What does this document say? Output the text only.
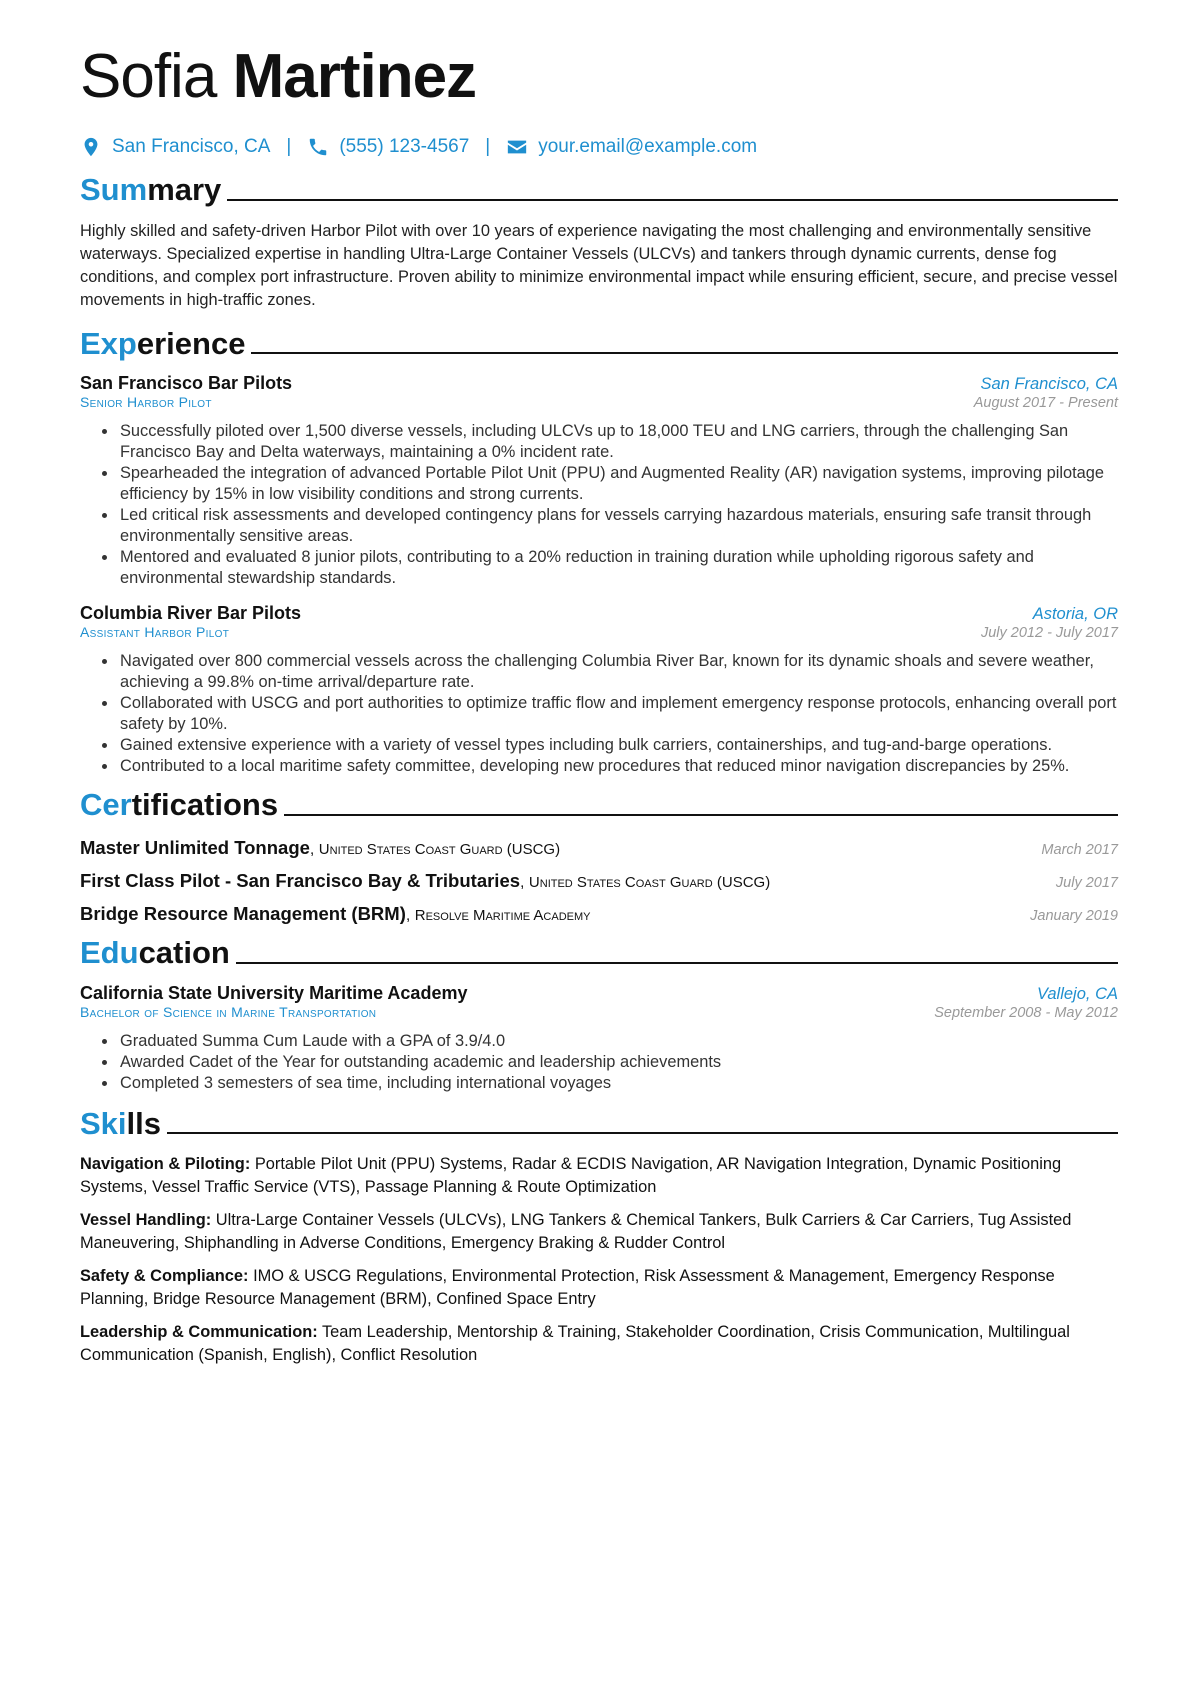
Sofia Martinez
San Francisco, CA |	(555) 123-4567 |	your.email@example.com
Summary
Highly skilled and safety-driven Harbor Pilot with over 10 years of experience navigating the most challenging and environmentally sensitive waterways. Specialized expertise in handling Ultra-Large Container Vessels (ULCVs) and tankers through dynamic currents, dense fog conditions, and complex port infrastructure. Proven ability to minimize environmental impact while ensuring efficient, secure, and precise vessel movements in high-traffic zones.
Experience
San Francisco Bar Pilots	San Francisco, CA
Senior Harbor Pilot	August 2017 - Present
• Successfully piloted over 1,500 diverse vessels, including ULCVs up to 18,000 TEU and LNG carriers, through the challenging San Francisco Bay and Delta waterways, maintaining a 0% incident rate.
• Spearheaded the integration of advanced Portable Pilot Unit (PPU) and Augmented Reality (AR) navigation systems, improving pilotage efficiency by 15% in low visibility conditions and strong currents.
• Led critical risk assessments and developed contingency plans for vessels carrying hazardous materials, ensuring safe transit through environmentally sensitive areas.
• Mentored and evaluated 8 junior pilots, contributing to a 20% reduction in training duration while upholding rigorous safety and environmental stewardship standards.
Columbia River Bar Pilots	Astoria, OR
Assistant Harbor Pilot	July 2012 - July 2017
• Navigated over 800 commercial vessels across the challenging Columbia River Bar, known for its dynamic shoals and severe weather, achieving a 99.8% on-time arrival/departure rate.
• Collaborated with USCG and port authorities to optimize traffic flow and implement emergency response protocols, enhancing overall port safety by 10%.
• Gained extensive experience with a variety of vessel types including bulk carriers, containerships, and tug-and-barge operations.
• Contributed to a local maritime safety committee, developing new procedures that reduced minor navigation discrepancies by 25%.
Certifications
Master Unlimited Tonnage, United States Coast Guard (USCG)	March 2017
First Class Pilot - San Francisco Bay & Tributaries, United States Coast Guard (USCG)	July 2017
Bridge Resource Management (BRM), Resolve Maritime Academy	January 2019
Education
California State University Maritime Academy	Vallejo, CA
Bachelor of Science in Marine Transportation	September 2008 - May 2012
• Graduated Summa Cum Laude with a GPA of 3.9/4.0
• Awarded Cadet of the Year for outstanding academic and leadership achievements
• Completed 3 semesters of sea time, including international voyages
Skills
Navigation & Piloting: Portable Pilot Unit (PPU) Systems, Radar & ECDIS Navigation, AR Navigation Integration, Dynamic Positioning Systems, Vessel Traffic Service (VTS), Passage Planning & Route Optimization
Vessel Handling: Ultra-Large Container Vessels (ULCVs), LNG Tankers & Chemical Tankers, Bulk Carriers & Car Carriers, Tug Assisted Maneuvering, Shiphandling in Adverse Conditions, Emergency Braking & Rudder Control
Safety & Compliance: IMO & USCG Regulations, Environmental Protection, Risk Assessment & Management, Emergency Response Planning, Bridge Resource Management (BRM), Confined Space Entry
Leadership & Communication: Team Leadership, Mentorship & Training, Stakeholder Coordination, Crisis Communication, Multilingual Communication (Spanish, English), Conflict Resolution
